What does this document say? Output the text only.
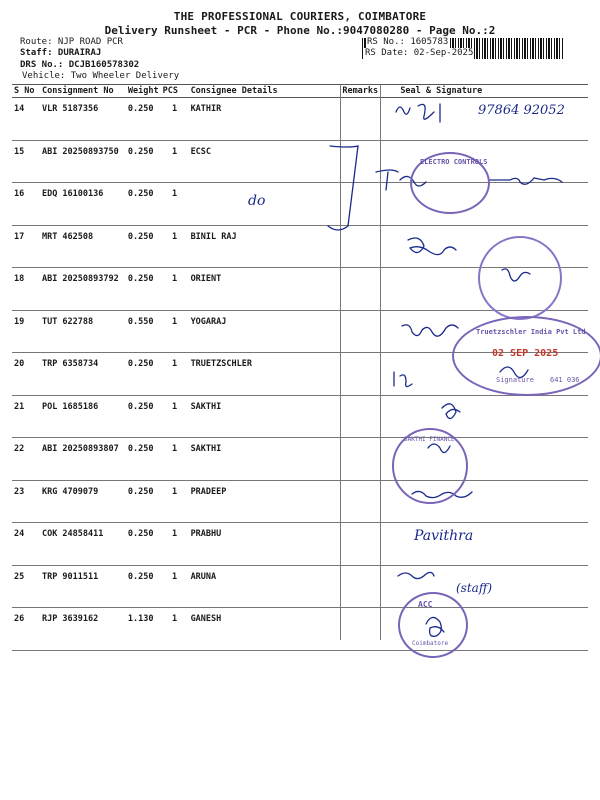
THE PROFESSIONAL COURIERS, COIMBATORE
Delivery Runsheet - PCR - Phone No.:9047080280 - Page No.:2
Route: NJP ROAD PCR
Staff: DURAIRAJ
DRS No.: DCJB160578302
Vehicle: Two Wheeler Delivery
RS No.: 1605783
RS Date: 02-Sep-2025
S No	Consignment No	Weight	PCS	Consignee Details	Remarks	Seal & Signature
14	VLR 5187356	0.250	1	KATHIR		
15	ABI 20250893750	0.250	1	ECSC		
16	EDQ 16100136	0.250	1			
17	MRT 462508	0.250	1	BINIL RAJ		
18	ABI 20250893792	0.250	1	ORIENT		
19	TUT 622788	0.550	1	YOGARAJ		
20	TRP 6358734	0.250	1	TRUETZSCHLER		
21	POL 1685186	0.250	1	SAKTHI		
22	ABI 20250893807	0.250	1	SAKTHI		
23	KRG 4709079	0.250	1	PRADEEP		
24	COK 24858411	0.250	1	PRABHU		
25	TRP 9011511	0.250	1	ARUNA		
26	RJP 3639162	1.130	1	GANESH		
97864 92052
do
Pavithra
(staff)
ELECTRO CONTROLS
Truetzschler India Pvt Ltd
02 SEP 2025
Signature 641 036
SAKTHI FINANCE
ACC
Coimbatore
